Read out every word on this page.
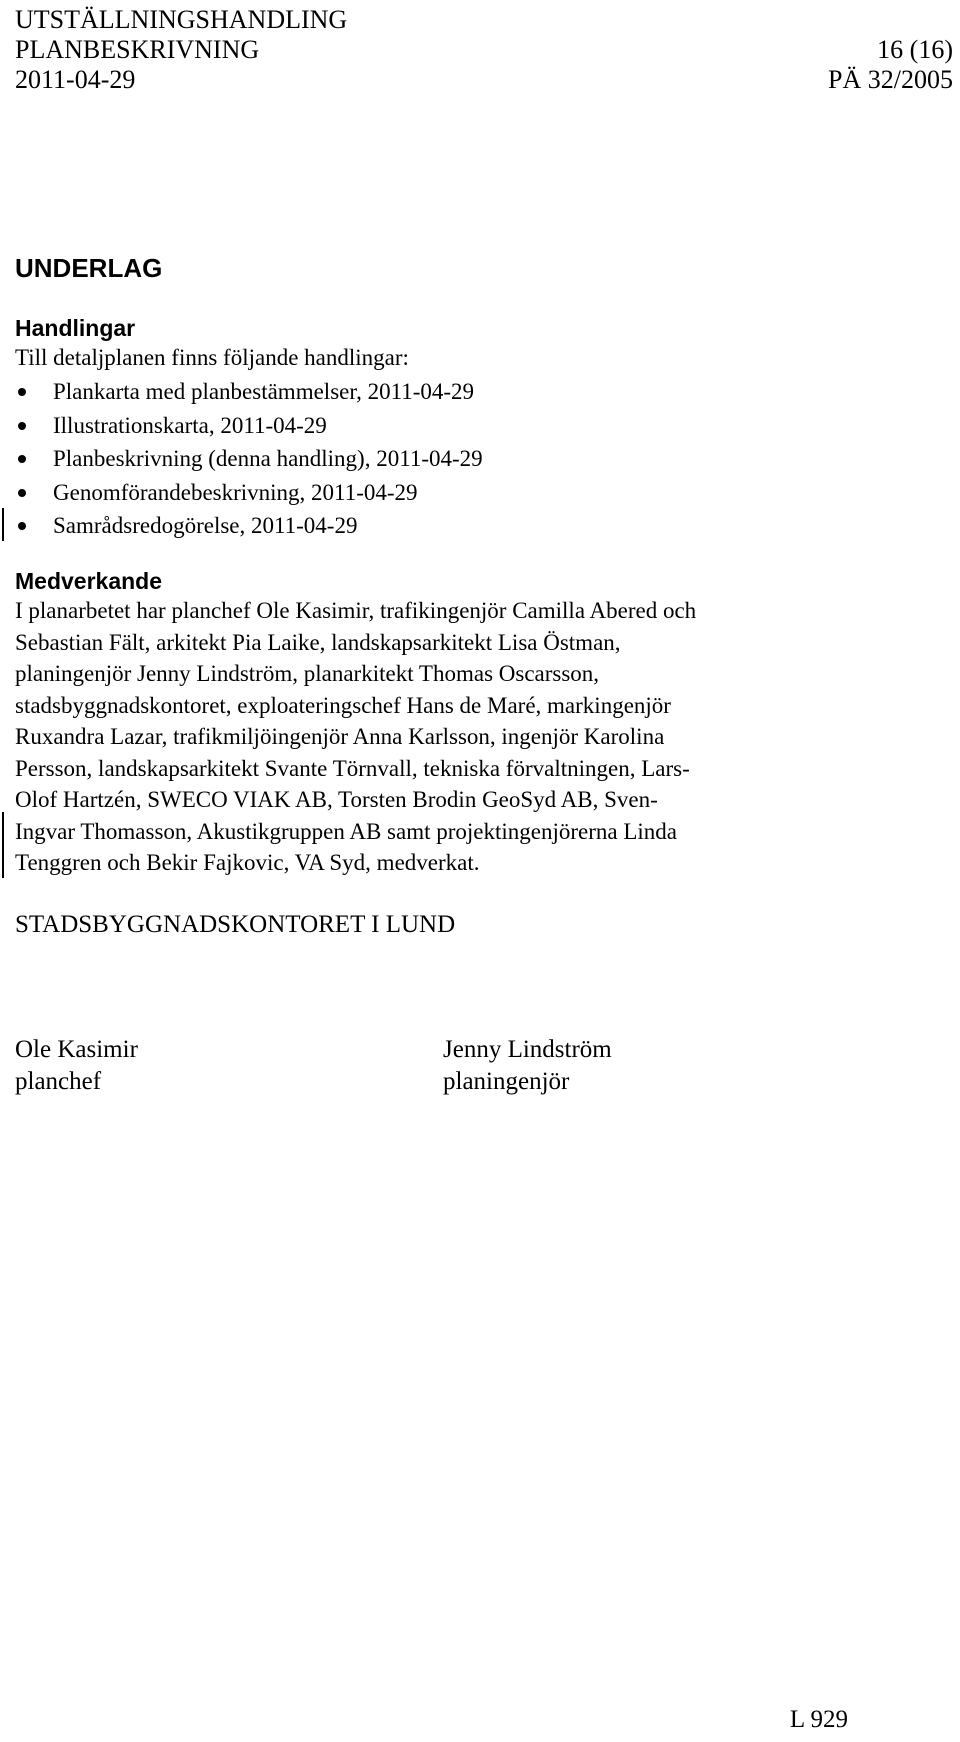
UTSTÄLLNINGSHANDLING
PLANBESKRIVNING	16 (16)
2011-04-29	PÄ 32/2005
UNDERLAG
Handlingar
Till detaljplanen finns följande handlingar:
Plankarta med planbestämmelser, 2011-04-29
Illustrationskarta, 2011-04-29
Planbeskrivning (denna handling), 2011-04-29
Genomförandebeskrivning, 2011-04-29
Samrådsredogörelse, 2011-04-29
Medverkande
I planarbetet har planchef Ole Kasimir, trafikingenjör Camilla Abered och
Sebastian Fält, arkitekt Pia Laike, landskapsarkitekt Lisa Östman,
planingenjör Jenny Lindström, planarkitekt Thomas Oscarsson,
stadsbyggnadskontoret, exploateringschef Hans de Maré, markingenjör
Ruxandra Lazar, trafikmiljöingenjör Anna Karlsson, ingenjör Karolina
Persson, landskapsarkitekt Svante Törnvall, tekniska förvaltningen, Lars-
Olof Hartzén, SWECO VIAK AB, Torsten Brodin GeoSyd AB, Sven-
Ingvar Thomasson, Akustikgruppen AB samt projektingenjörerna Linda
Tenggren och Bekir Fajkovic, VA Syd, medverkat.
STADSBYGGNADSKONTORET I LUND
Ole Kasimir
planchef
Jenny Lindström
planingenjör
L 929
